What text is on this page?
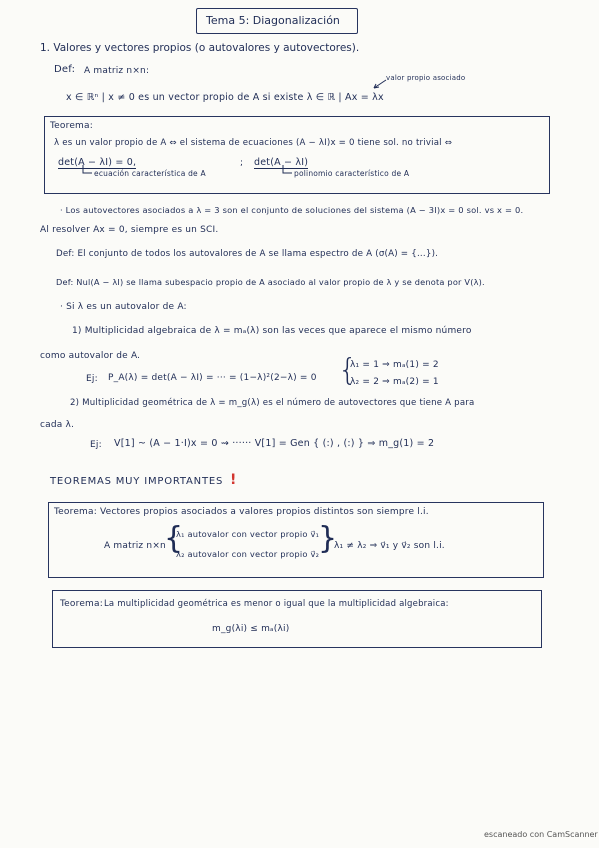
Tema 5: Diagonalización
1. Valores y vectores propios (o autovalores y autovectores).
Def: A matriz n×n:
valor propio asociado
x ∈ ℝⁿ | x ≠ 0 es un vector propio de A si existe λ ∈ ℝ | Ax = λx
Teorema:
λ es un valor propio de A ⇔ el sistema de ecuaciones (A − λI)x = 0 tiene sol. no trivial ⇔
det(A − λI) = 0,	; det(A − λI)
ecuación característica de A	polinomio característico de A
· Los autovectores asociados a λ = 3 son el conjunto de soluciones del sistema (A − 3I)x = 0 sol. vs x = 0.
Al resolver Ax = 0, siempre es un SCI.
Def: El conjunto de todos los autovalores de A se llama espectro de A (σ(A) = {...}).
Def: Nul(A − λI) se llama subespacio propio de A asociado al valor propio de λ y se denota por V(λ).
· Si λ es un autovalor de A:
1) Multiplicidad algebraica de λ = mₐ(λ) son las veces que aparece el mismo número
como autovalor de A.
Ej: P_A(λ) = det(A − λI) = ··· = (1−λ)²(2−λ) = 0 {
λ₁ = 1 ⇒ mₐ(1) = 2
λ₂ = 2 ⇒ mₐ(2) = 1
2) Multiplicidad geométrica de λ = m_g(λ) es el número de autovectores que tiene A para
cada λ.
Ej: V[1] ~ (A − 1·I)x = 0 ⇝ ······ V[1] = Gen { (:) , (:) } ⇒ m_g(1) = 2
TEOREMAS MUY IMPORTANTES !
Teorema: Vectores propios asociados a valores propios distintos son siempre l.i.
A matriz n×n
{
λ₁ autovalor con vector propio v⃗₁
λ₂ autovalor con vector propio v⃗₂
}
λ₁ ≠ λ₂ ⇒ v⃗₁ y v⃗₂ son l.i.
Teorema: La multiplicidad geométrica es menor o igual que la multiplicidad algebraica:
m_g(λi) ≤ mₐ(λi)
escaneado con CamScanner
